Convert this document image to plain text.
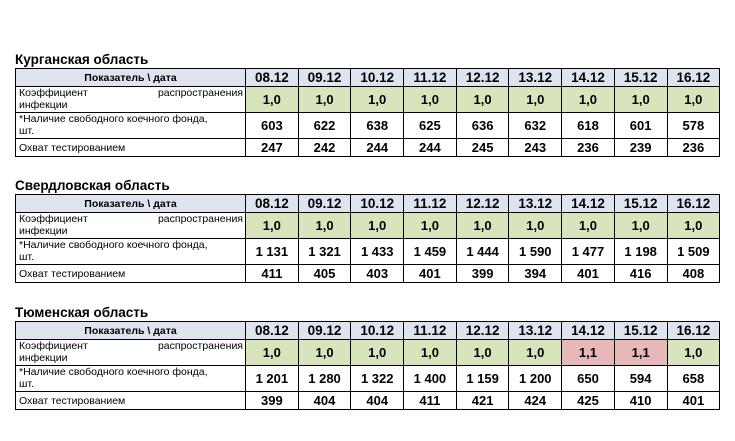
Курганская область
Показатель \ дата	08.12	09.12	10.12	11.12	12.12	13.12	14.12	15.12	16.12

Коэффициент распространения
инфекции	1,0	1,0	1,0	1,0	1,0	1,0	1,0	1,0	1,0

*Наличие свободного коечного фонда,
шт.	603	622	638	625	636	632	618	601	578
Охват тестированием	247	242	244	244	245	243	236	239	236
Свердловская область
Показатель \ дата	08.12	09.12	10.12	11.12	12.12	13.12	14.12	15.12	16.12

Коэффициент распространения
инфекции	1,0	1,0	1,0	1,0	1,0	1,0	1,0	1,0	1,0

*Наличие свободного коечного фонда,
шт.	1 131	1 321	1 433	1 459	1 444	1 590	1 477	1 198	1 509
Охват тестированием	411	405	403	401	399	394	401	416	408
Тюменская область
Показатель \ дата	08.12	09.12	10.12	11.12	12.12	13.12	14.12	15.12	16.12

Коэффициент распространения
инфекции	1,0	1,0	1,0	1,0	1,0	1,0	1,1	1,1	1,0

*Наличие свободного коечного фонда,
шт.	1 201	1 280	1 322	1 400	1 159	1 200	650	594	658
Охват тестированием	399	404	404	411	421	424	425	410	401
